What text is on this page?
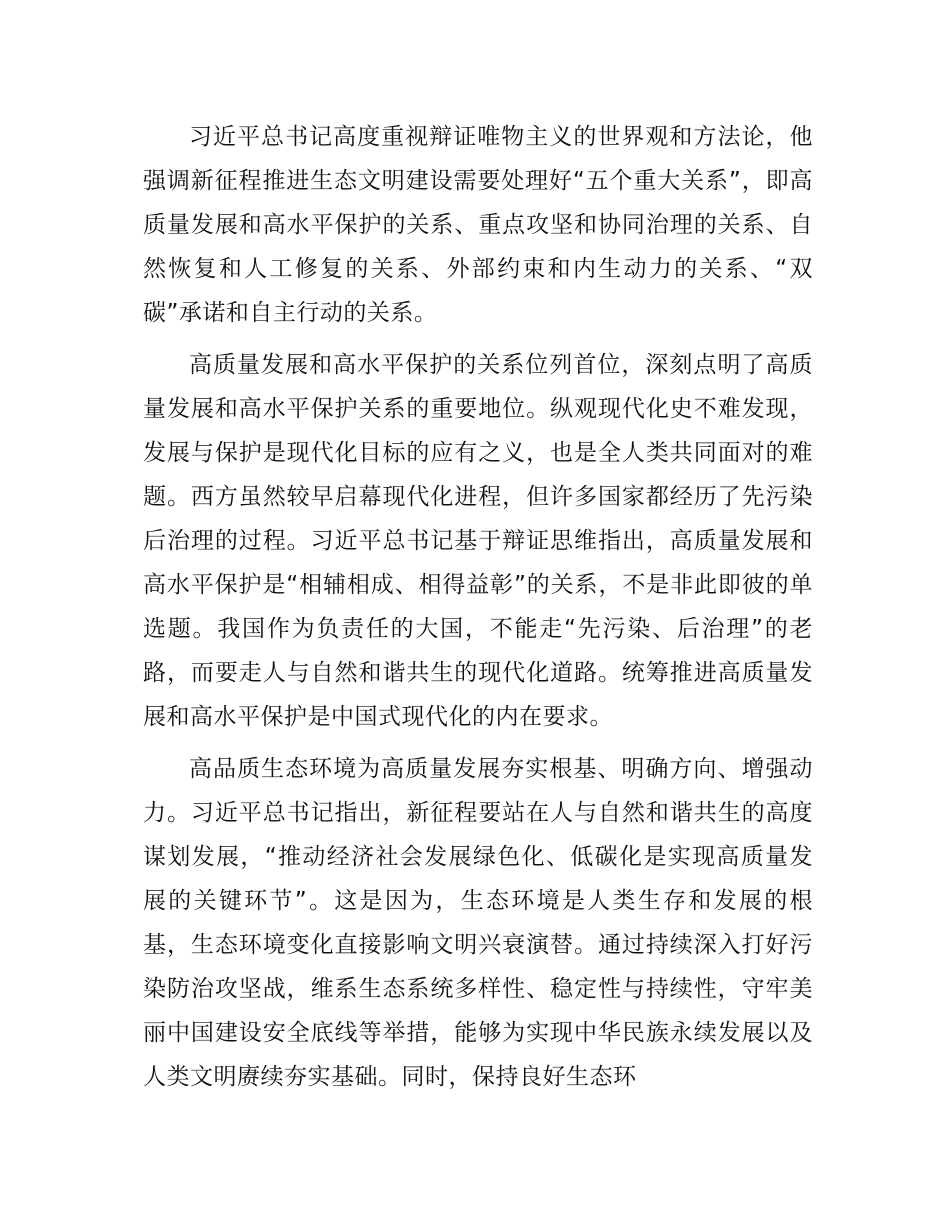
习近平总书记高度重视辩证唯物主义的世界观和方法论，他强调新征程推进生态文明建设需要处理好“五个重大关系”，即高质量发展和高水平保护的关系、重点攻坚和协同治理的关系、自然恢复和人工修复的关系、外部约束和内生动力的关系、“双碳”承诺和自主行动的关系。

高质量发展和高水平保护的关系位列首位，深刻点明了高质量发展和高水平保护关系的重要地位。纵观现代化史不难发现，发展与保护是现代化目标的应有之义，也是全人类共同面对的难题。西方虽然较早启幕现代化进程，但许多国家都经历了先污染后治理的过程。习近平总书记基于辩证思维指出，高质量发展和高水平保护是“相辅相成、相得益彰”的关系，不是非此即彼的单选题。我国作为负责任的大国，不能走“先污染、后治理”的老路，而要走人与自然和谐共生的现代化道路。统筹推进高质量发展和高水平保护是中国式现代化的内在要求。

高品质生态环境为高质量发展夯实根基、明确方向、增强动力。习近平总书记指出，新征程要站在人与自然和谐共生的高度谋划发展，“推动经济社会发展绿色化、低碳化是实现高质量发展的关键环节”。这是因为，生态环境是人类生存和发展的根基，生态环境变化直接影响文明兴衰演替。通过持续深入打好污染防治攻坚战，维系生态系统多样性、稳定性与持续性，守牢美丽中国建设安全底线等举措，能够为实现中华民族永续发展以及人类文明赓续夯实基础。同时，保持良好生态环
